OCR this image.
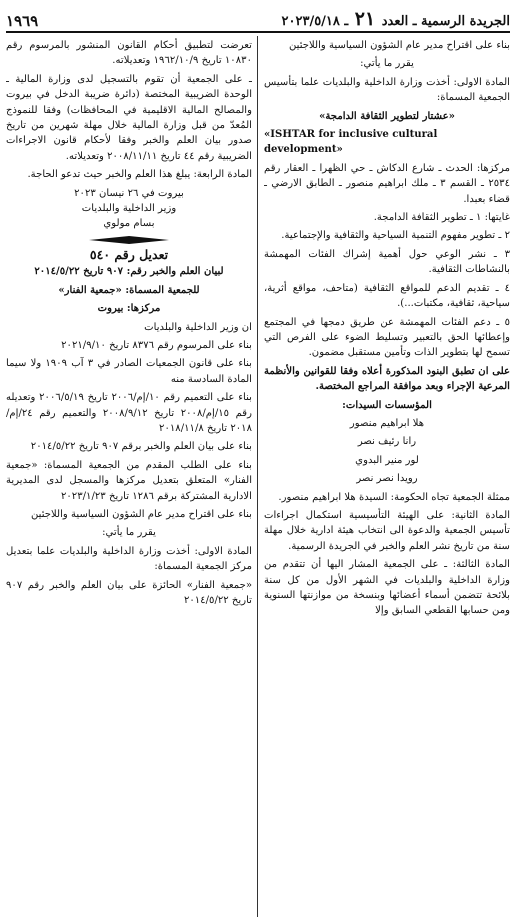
الجريدة الرسمية ـ العدد ٢١ ـ ٢٠٢٣/٥/١٨
١٩٦٩

بناء على اقتراح مدير عام الشؤون السياسية واللاجئين

يقرر ما يأتي:

المادة الاولى: أخذت وزارة الداخلية والبلديات علما بتأسيس الجمعية المسماة:

«عشتار لتطوير الثقافة الدامجة»

«ISHTAR for inclusive cultural development»

مركزها: الحدث ـ شارع الدكاش ـ حي الظهرا ـ العقار رقم ٢٥٣٤ ـ القسم ٣ ـ ملك ابراهيم منصور ـ الطابق الارضي ـ قضاء بعبدا.

غايتها: ١ ـ تطوير الثقافة الدامجة.

٢ ـ تطوير مفهوم التنمية السياحية والثقافية والإجتماعية.

٣ ـ نشر الوعي حول أهمية إشراك الفئات المهمشة بالنشاطات الثقافية.

٤ ـ تقديم الدعم للمواقع الثقافية (متاحف، مواقع أثرية، سياحية، ثقافية، مكتبات...).

٥ ـ دعم الفئات المهمشة عن طريق دمجها في المجتمع وإعطائها الحق بالتعبير وتسليط الضوء على الفرص التي تسمح لها بتطوير الذات وتأمين مستقبل مضمون.

على ان تطبق البنود المذكورة أعلاه وفقا للقوانين والأنظمة المرعية الإجراء وبعد موافقة المراجع المختصة.

المؤسسات السيدات:

هلا ابراهيم منصور

رانا رئيف نصر

لور منير البدوي

رويدا نصر نصر

ممثلة الجمعية تجاه الحكومة: السيدة هلا ابراهيم منصور.

المادة الثانية: على الهيئة التأسيسية استكمال اجراءات تأسيس الجمعية والدعوة الى انتخاب هيئة ادارية خلال مهلة سنة من تاريخ نشر العلم والخبر في الجريدة الرسمية.

المادة الثالثة: ـ على الجمعية المشار اليها أن تتقدم من وزارة الداخلية والبلديات في الشهر الأول من كل سنة بلائحة تتضمن أسماء أعضائها وبنسخة من موازنتها السنوية ومن حسابها القطعي السابق وإلا

تعرضت لتطبيق أحكام القانون المنشور بالمرسوم رقم ١٠٨٣٠ تاريخ ١٩٦٢/١٠/٩ وتعديلاته.

ـ على الجمعية أن تقوم بالتسجيل لدى وزارة المالية ـ الوحدة الضريبية المختصة (دائرة ضريبة الدخل في بيروت والمصالح المالية الاقليمية في المحافظات) وفقا للنموذج المُعدّ من قبل وزارة المالية خلال مهلة شهرين من تاريخ صدور بيان العلم والخبر وفقا لأحكام قانون الاجراءات الضريبية رقم ٤٤ تاريخ ٢٠٠٨/١١/١١ وتعديلاته.

المادة الرابعة: يبلغ هذا العلم والخبر حيث تدعو الحاجة.

بيروت في ٢٦ نيسان ٢٠٢٣

وزير الداخلية والبلديات

بسام مولوي

تعديل رقم ٥٤٠

لبيان العلم والخبر رقم: ٩٠٧ تاريخ ٢٠١٤/٥/٢٢

للجمعية المسماة: «جمعية الفنار»

مركزها: بيروت

ان وزير الداخلية والبلديات

بناء على المرسوم رقم ٨٣٧٦ تاريخ ٢٠٢١/٩/١٠

بناء على قانون الجمعيات الصادر في ٣ آب ١٩٠٩ ولا سيما المادة السادسة منه

بناء على التعميم رقم ١٠/إم/٢٠٠٦ تاريخ ٢٠٠٦/٥/١٩ وتعديله رقم ١٥/إم/٢٠٠٨ تاريخ ٢٠٠٨/٩/١٢ والتعميم رقم ٢٤/إم/٢٠١٨ تاريخ ٢٠١٨/١١/٨

بناء على بيان العلم والخبر برقم ٩٠٧ تاريخ ٢٠١٤/٥/٢٢

بناء على الطلب المقدم من الجمعية المسماة: «جمعية الفنار» المتعلق بتعديل مركزها والمسجل لدى المديرية الادارية المشتركة برقم ١٢٨٦ تاريخ ٢٠٢٣/١/٢٣

بناء على اقتراح مدير عام الشؤون السياسية واللاجئين

يقرر ما يأتي:

المادة الاولى: أخذت وزارة الداخلية والبلديات علما بتعديل مركز الجمعية المسماة:

«جمعية الفنار» الحائزة على بيان العلم والخبر رقم ٩٠٧ تاريخ ٢٠١٤/٥/٢٢
